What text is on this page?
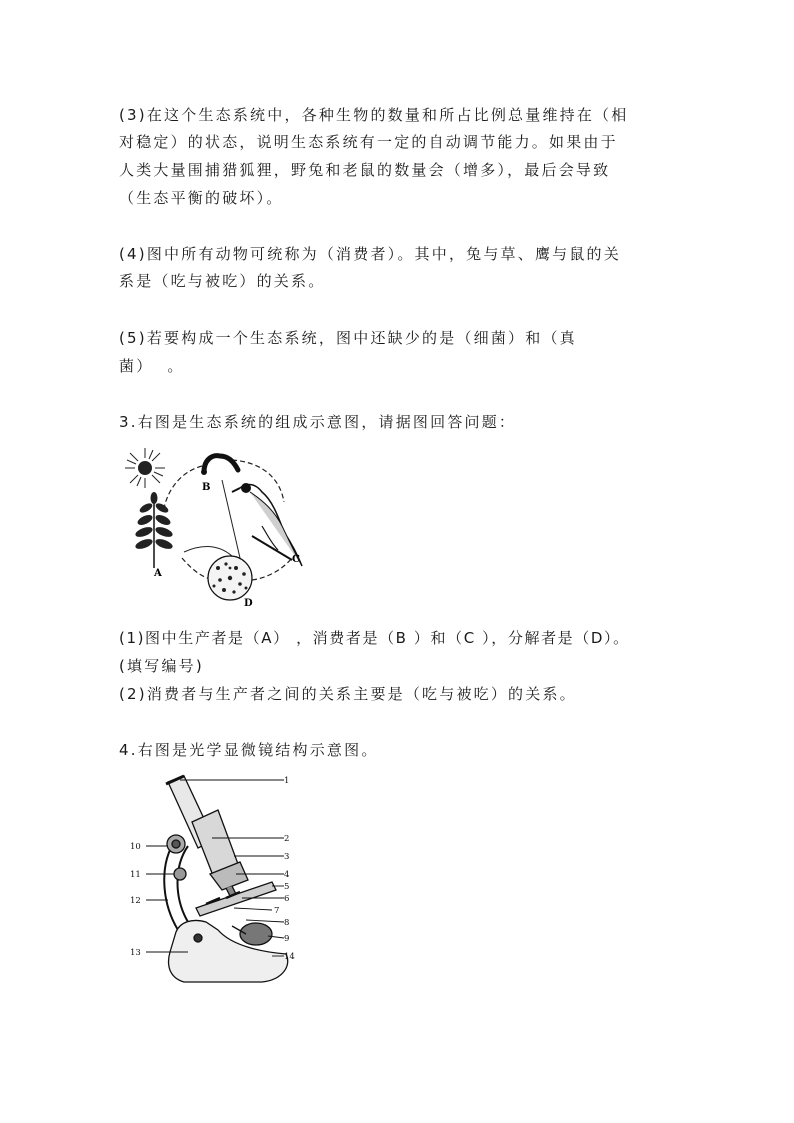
(3)在这个生态系统中，各种生物的数量和所占比例总量维持在（相
对稳定）的状态，说明生态系统有一定的自动调节能力。如果由于
人类大量围捕猎狐狸，野兔和老鼠的数量会（增多），最后会导致
（生态平衡的破坏）。
(4)图中所有动物可统称为（消费者）。其中，兔与草、鹰与鼠的关
系是（吃与被吃）的关系。
(5)若要构成一个生态系统，图中还缺少的是（细菌）和（真
菌）  。
3.右图是生态系统的组成示意图，请据图回答问题：
B
A
C
D
(1)图中生产者是（A） ，消费者是（B ）和（C ），分解者是（D）。
(填写编号)
(2)消费者与生产者之间的关系主要是（吃与被吃）的关系。
4.右图是光学显微镜结构示意图。
1
2
3
4
5
6
7
8
9
10
11
12
13	14
